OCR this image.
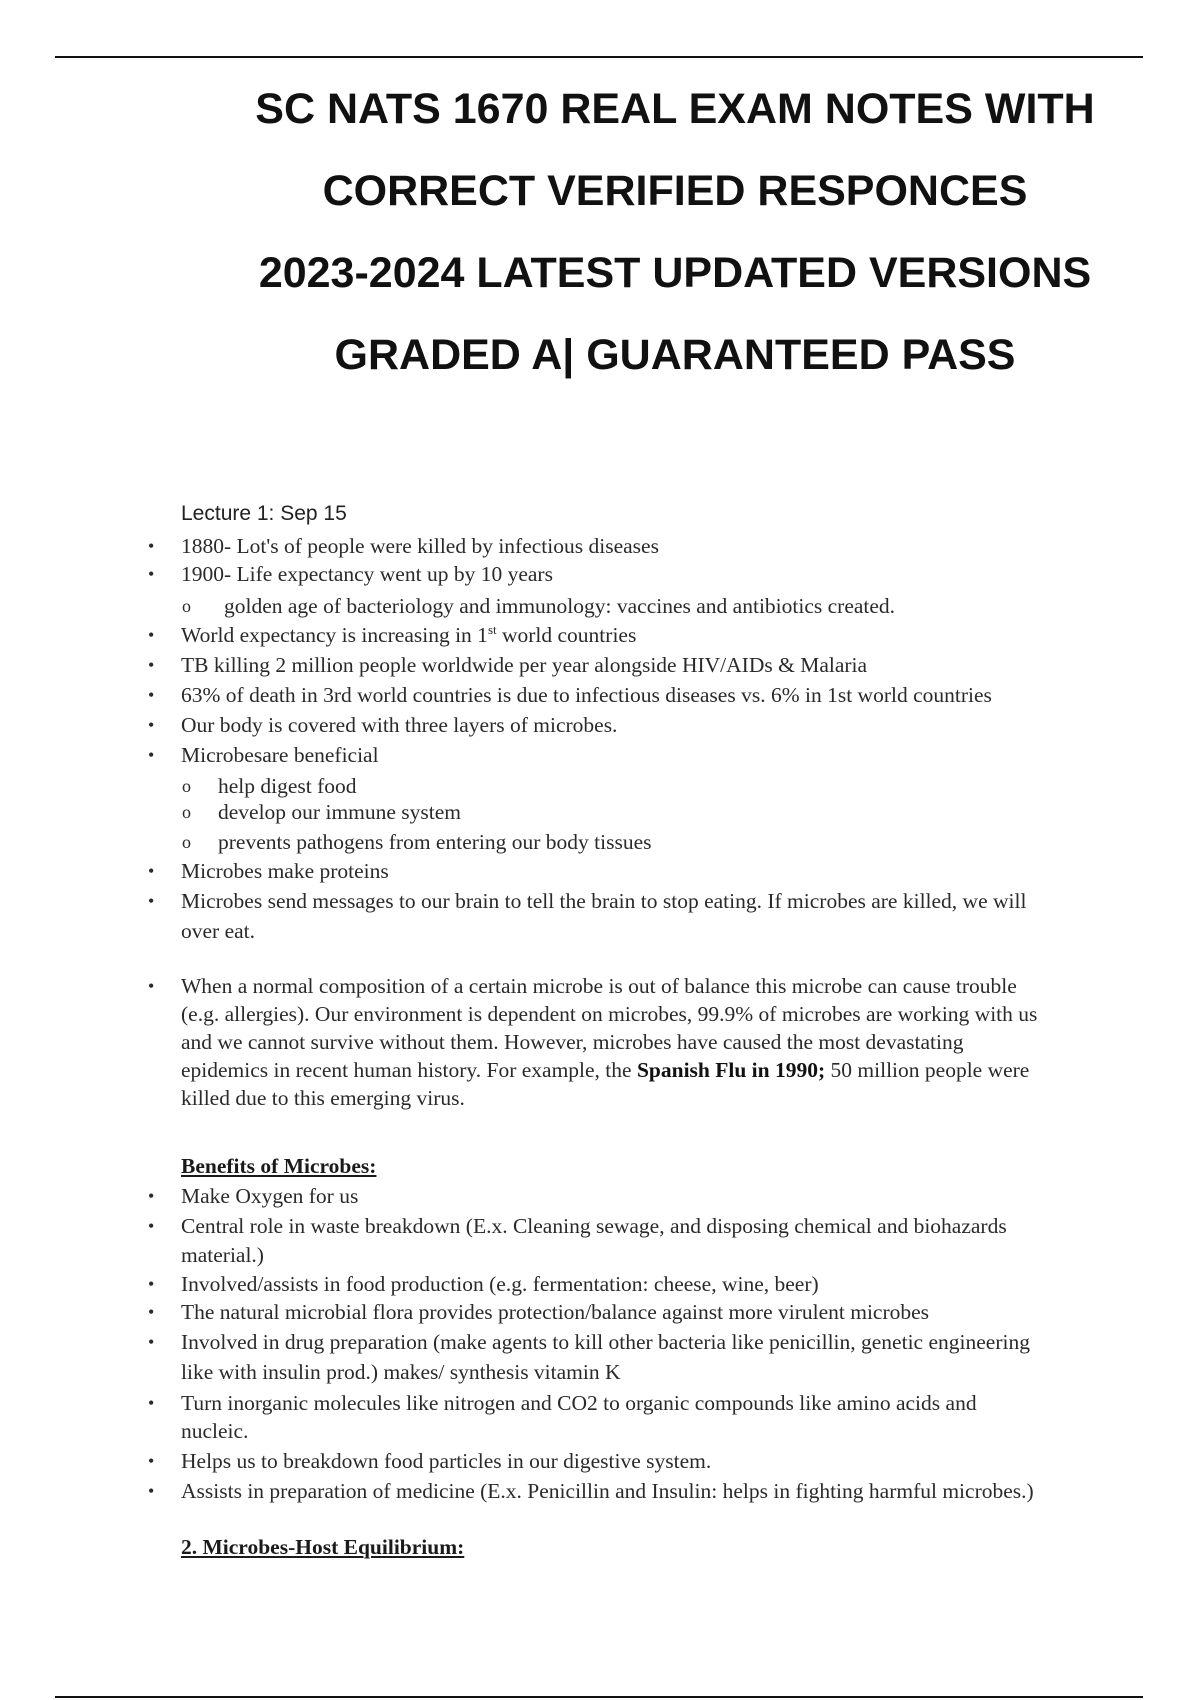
SC NATS 1670 REAL EXAM NOTES WITH
CORRECT VERIFIED RESPONCES
2023-2024 LATEST UPDATED VERSIONS
GRADED A| GUARANTEED PASS
Lecture 1: Sep 15
•	1880- Lot's of people were killed by infectious diseases
•	1900- Life expectancy went up by 10 years
o	golden age of bacteriology and immunology: vaccines and antibiotics created.
•	World expectancy is increasing in 1st world countries
•	TB killing 2 million people worldwide per year alongside HIV/AIDs & Malaria
•	63% of death in 3rd world countries is due to infectious diseases vs. 6% in 1st world countries
•	Our body is covered with three layers of microbes.
•	Microbesare beneficial
o	help digest food
o	develop our immune system
o	prevents pathogens from entering our body tissues
•	Microbes make proteins
•	Microbes send messages to our brain to tell the brain to stop eating. If microbes are killed, we will
over eat.
•	When a normal composition of a certain microbe is out of balance this microbe can cause trouble
(e.g. allergies). Our environment is dependent on microbes, 99.9% of microbes are working with us
and we cannot survive without them. However, microbes have caused the most devastating
epidemics in recent human history. For example, the Spanish Flu in 1990; 50 million people were
killed due to this emerging virus.
Benefits of Microbes:
•	Make Oxygen for us
•	Central role in waste breakdown (E.x. Cleaning sewage, and disposing chemical and biohazards
material.)
•	Involved/assists in food production (e.g. fermentation: cheese, wine, beer)
•	The natural microbial flora provides protection/balance against more virulent microbes
•	Involved in drug preparation (make agents to kill other bacteria like penicillin, genetic engineering
like with insulin prod.) makes/ synthesis vitamin K
•	Turn inorganic molecules like nitrogen and CO2 to organic compounds like amino acids and
nucleic.
•	Helps us to breakdown food particles in our digestive system.
•	Assists in preparation of medicine (E.x. Penicillin and Insulin: helps in fighting harmful microbes.)
2. Microbes-Host Equilibrium:
